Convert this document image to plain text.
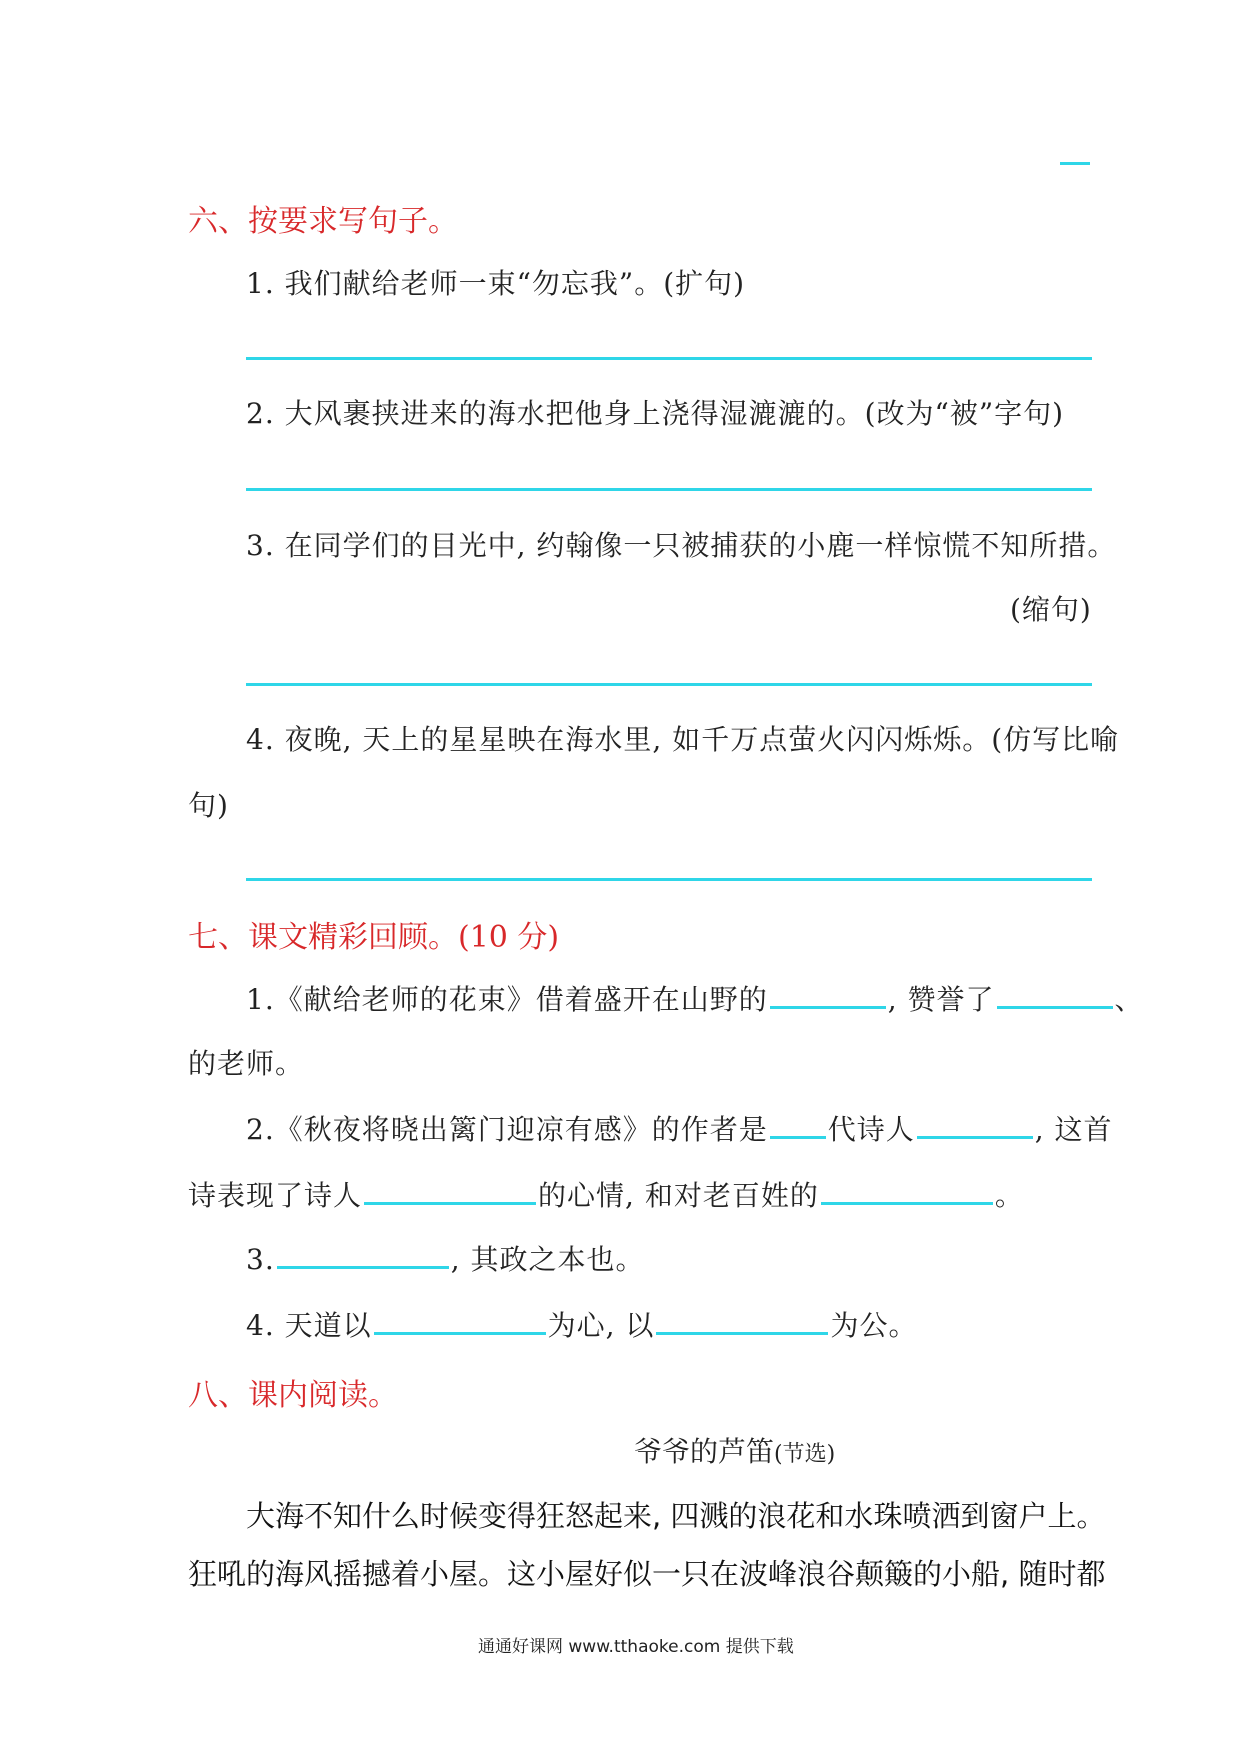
六、按要求写句子。
1. 我们献给老师一束“勿忘我”。(扩句)
2. 大风裹挟进来的海水把他身上浇得湿漉漉的。(改为“被”字句)
3. 在同学们的目光中, 约翰像一只被捕获的小鹿一样惊慌不知所措。
(缩句)
4. 夜晚, 天上的星星映在海水里, 如千万点萤火闪闪烁烁。(仿写比喻
句)
七、课文精彩回顾。(10 分)
1.《献给老师的花束》借着盛开在山野的	, 赞誉了	、
的老师。
2.《秋夜将晓出篱门迎凉有感》的作者是 代诗人	, 这首
诗表现了诗人	的心情, 和对老百姓的	。
3.	, 其政之本也。
4. 天道以	为心, 以	为公。
八、课内阅读。
爷爷的芦笛(节选)
大海不知什么时候变得狂怒起来, 四溅的浪花和水珠喷洒到窗户上。
狂吼的海风摇撼着小屋。这小屋好似一只在波峰浪谷颠簸的小船, 随时都
通通好课网 www.tthaoke.com 提供下载
